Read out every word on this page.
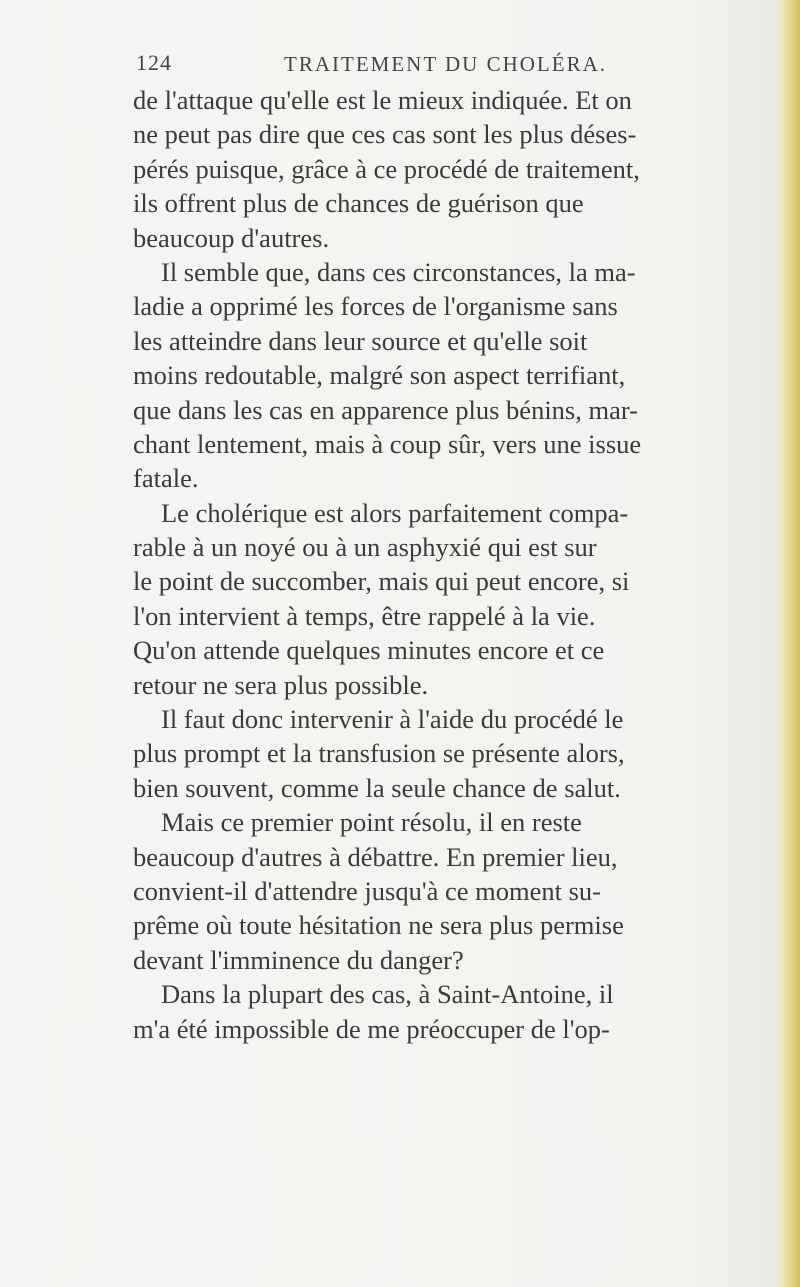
124	TRAITEMENT DU CHOLÉRA.
de l'attaque qu'elle est le mieux indiquée. Et on
ne peut pas dire que ces cas sont les plus déses-
pérés puisque, grâce à ce procédé de traitement,
ils offrent plus de chances de guérison que
beaucoup d'autres.
Il semble que, dans ces circonstances, la ma-
ladie a opprimé les forces de l'organisme sans
les atteindre dans leur source et qu'elle soit
moins redoutable, malgré son aspect terrifiant,
que dans les cas en apparence plus bénins, mar-
chant lentement, mais à coup sûr, vers une issue
fatale.
Le cholérique est alors parfaitement compa-
rable à un noyé ou à un asphyxié qui est sur
le point de succomber, mais qui peut encore, si
l'on intervient à temps, être rappelé à la vie.
Qu'on attende quelques minutes encore et ce
retour ne sera plus possible.
Il faut donc intervenir à l'aide du procédé le
plus prompt et la transfusion se présente alors,
bien souvent, comme la seule chance de salut.
Mais ce premier point résolu, il en reste
beaucoup d'autres à débattre. En premier lieu,
convient-il d'attendre jusqu'à ce moment su-
prême où toute hésitation ne sera plus permise
devant l'imminence du danger?
Dans la plupart des cas, à Saint-Antoine, il
m'a été impossible de me préoccuper de l'op-
